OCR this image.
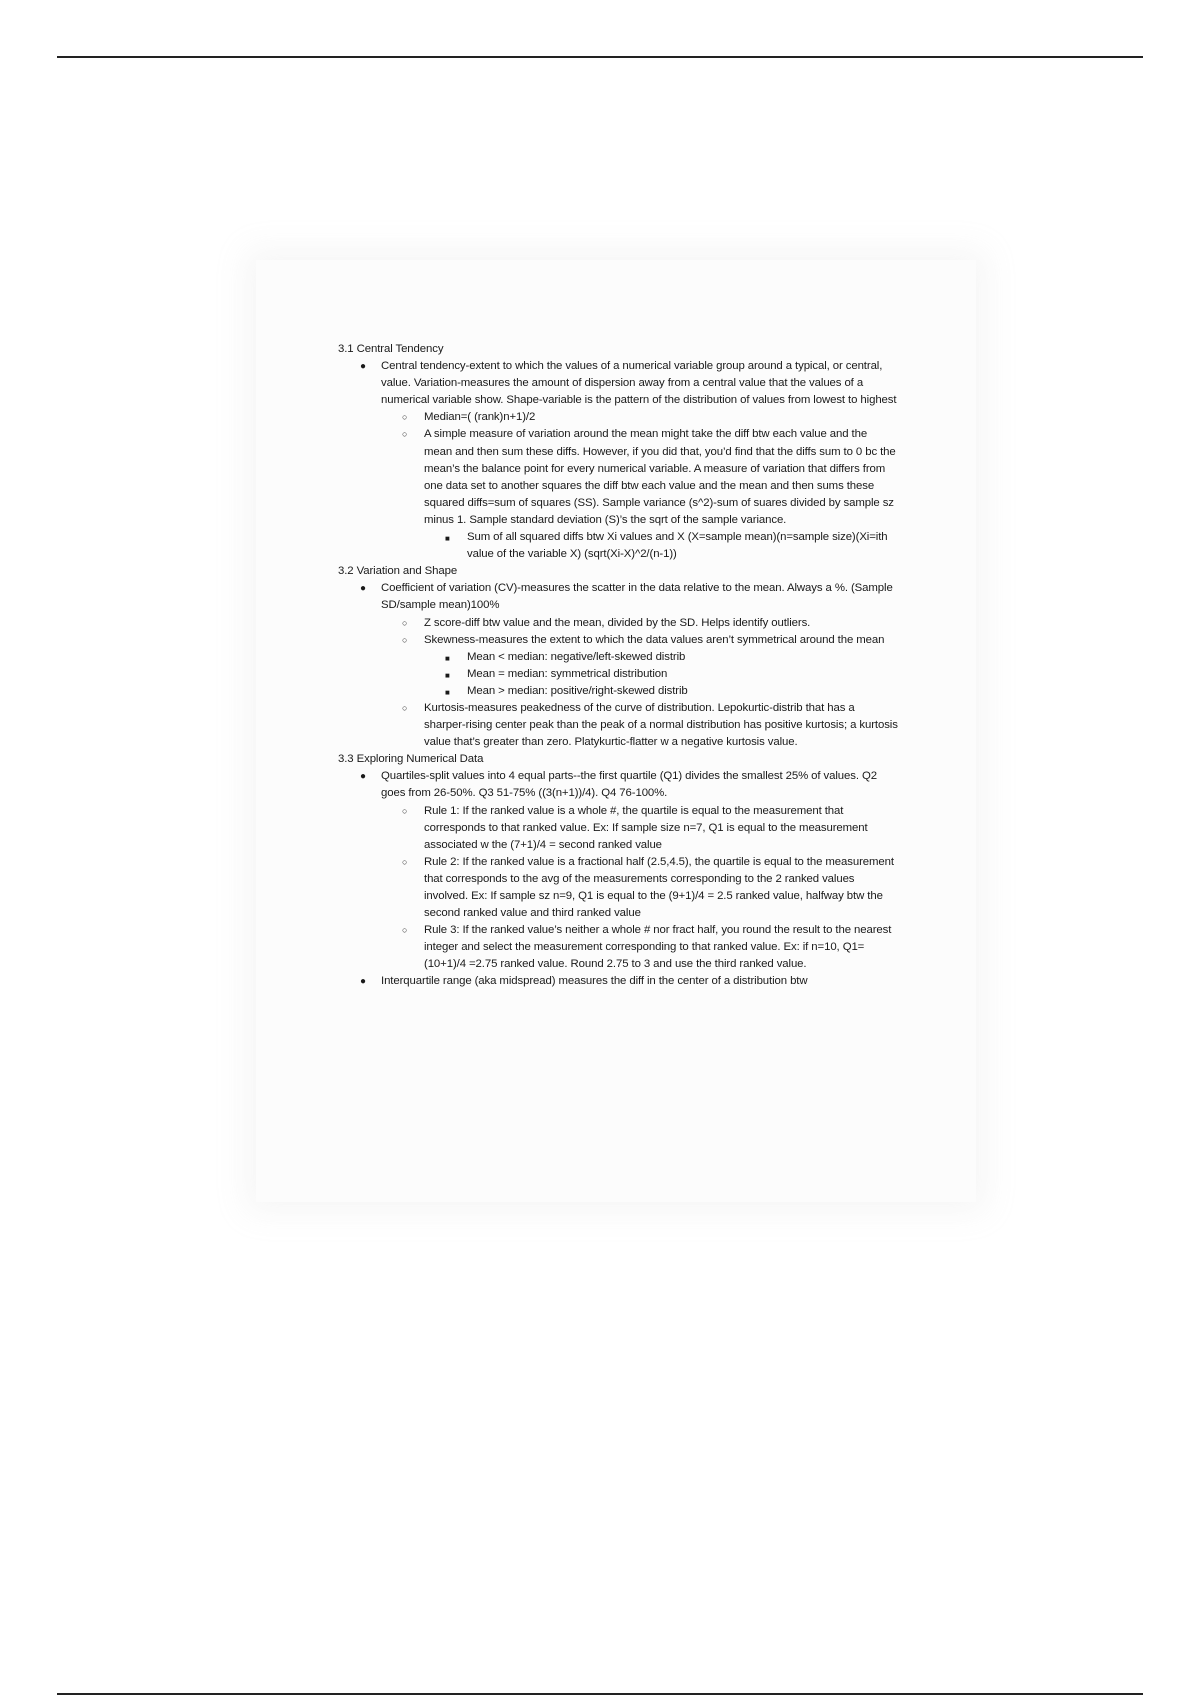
3.1 Central Tendency
● Central tendency-extent to which the values of a numerical variable group around a typical, or central, value. Variation-measures the amount of dispersion away from a central value that the values of a numerical variable show. Shape-variable is the pattern of the distribution of values from lowest to highest
○ Median=( (rank)n+1)/2
○ A simple measure of variation around the mean might take the diff btw each value and the mean and then sum these diffs. However, if you did that, you’d find that the diffs sum to 0 bc the mean’s the balance point for every numerical variable. A measure of variation that differs from one data set to another squares the diff btw each value and the mean and then sums these squared diffs=sum of squares (SS). Sample variance (s^2)-sum of suares divided by sample sz minus 1. Sample standard deviation (S)’s the sqrt of the sample variance.
■ Sum of all squared diffs btw Xi values and X (X=sample mean)(n=sample size)(Xi=ith value of the variable X) (sqrt(Xi-X)^2/(n-1))
3.2 Variation and Shape
● Coefficient of variation (CV)-measures the scatter in the data relative to the mean. Always a %. (Sample SD/sample mean)100%
○ Z score-diff btw value and the mean, divided by the SD. Helps identify outliers.
○ Skewness-measures the extent to which the data values aren’t symmetrical around the mean
■ Mean < median: negative/left-skewed distrib
■ Mean = median: symmetrical distribution
■ Mean > median: positive/right-skewed distrib
○ Kurtosis-measures peakedness of the curve of distribution. Lepokurtic-distrib that has a sharper-rising center peak than the peak of a normal distribution has positive kurtosis; a kurtosis value that’s greater than zero. Platykurtic-flatter w a negative kurtosis value.
3.3 Exploring Numerical Data
● Quartiles-split values into 4 equal parts--the first quartile (Q1) divides the smallest 25% of values. Q2 goes from 26-50%. Q3 51-75% ((3(n+1))/4). Q4 76-100%.
○ Rule 1: If the ranked value is a whole #, the quartile is equal to the measurement that corresponds to that ranked value. Ex: If sample size n=7, Q1 is equal to the measurement associated w the (7+1)/4 = second ranked value
○ Rule 2: If the ranked value is a fractional half (2.5,4.5), the quartile is equal to the measurement that corresponds to the avg of the measurements corresponding to the 2 ranked values involved. Ex: If sample sz n=9, Q1 is equal to the (9+1)/4 = 2.5 ranked value, halfway btw the second ranked value and third ranked value
○ Rule 3: If the ranked value’s neither a whole # nor fract half, you round the result to the nearest integer and select the measurement corresponding to that ranked value. Ex: if n=10, Q1=(10+1)/4 =2.75 ranked value. Round 2.75 to 3 and use the third ranked value.
● Interquartile range (aka midspread) measures the diff in the center of a distribution btw
